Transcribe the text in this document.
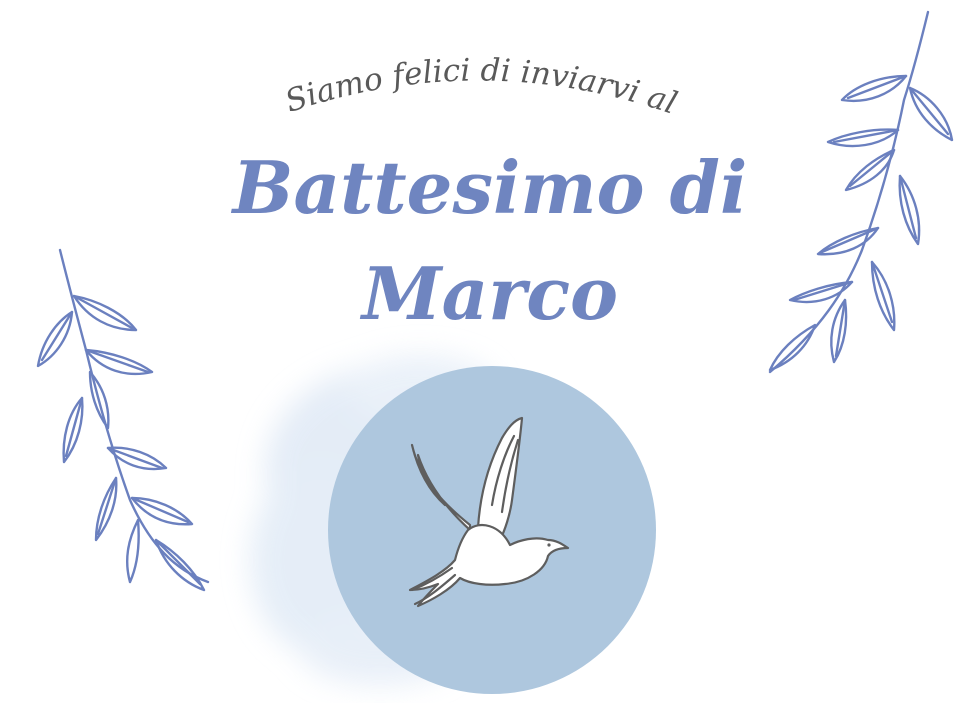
Siamo felici di inviarvi al
Battesimo di
Marco
